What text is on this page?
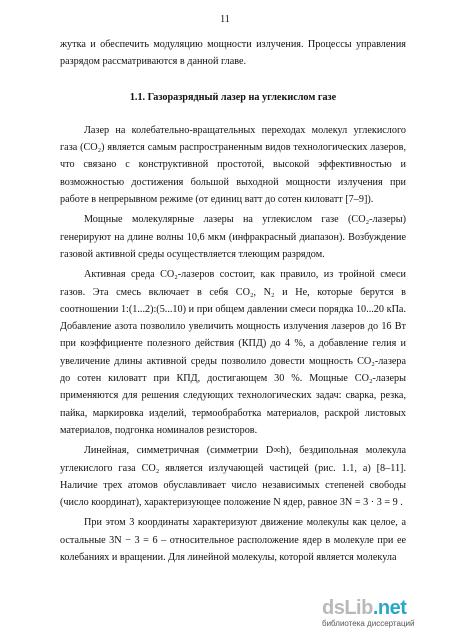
11

жутка и обеспечить модуляцию мощности излучения. Процессы управления разрядом рассматриваются в данной главе.

1.1. Газоразрядный лазер на углекислом газе

Лазер на колебательно-вращательных переходах молекул углекислого газа (CO₂) является самым распространенным видов технологических лазеров, что связано с конструктивной простотой, высокой эффективностью и возможностью достижения большой выходной мощности излучения при работе в непрерывном режиме (от единиц ватт до сотен киловатт [7–9]).

Мощные молекулярные лазеры на углекислом газе (CO₂-лазеры) генерируют на длине волны 10,6 мкм (инфракрасный диапазон). Возбуждение газовой активной среды осуществляется тлеющим разрядом.

Активная среда CO₂-лазеров состоит, как правило, из тройной смеси газов. Эта смесь включает в себя CO₂, N₂ и He, которые берутся в соотношении 1:(1...2):(5...10) и при общем давлении смеси порядка 10...20 кПа. Добавление азота позволило увеличить мощность излучения лазеров до 16 Вт при коэффициенте полезного действия (КПД) до 4 %, а добавление гелия и увеличение длины активной среды позволило довести мощность CO₂-лазера до сотен киловатт при КПД, достигающем 30 %. Мощные CO₂-лазеры применяются для решения следующих технологических задач: сварка, резка, пайка, маркировка изделий, термообработка материалов, раскрой листовых материалов, подгонка номиналов резисторов.

Линейная, симметричная (симметрии D∞h), бездипольная молекула углекислого газа CO₂ является излучающей частицей (рис. 1.1, а) [8–11]. Наличие трех атомов обуславливает число независимых степеней свободы (число координат), характеризующее положение N ядер, равное 3N = 3 · 3 = 9 .

При этом 3 координаты характеризуют движение молекулы как целое, а остальные 3N − 3 = 6 – относительное расположение ядер в молекуле при ее колебаниях и вращении. Для линейной молекулы, которой является молекула

dsLib.net
библиотека диссертаций
